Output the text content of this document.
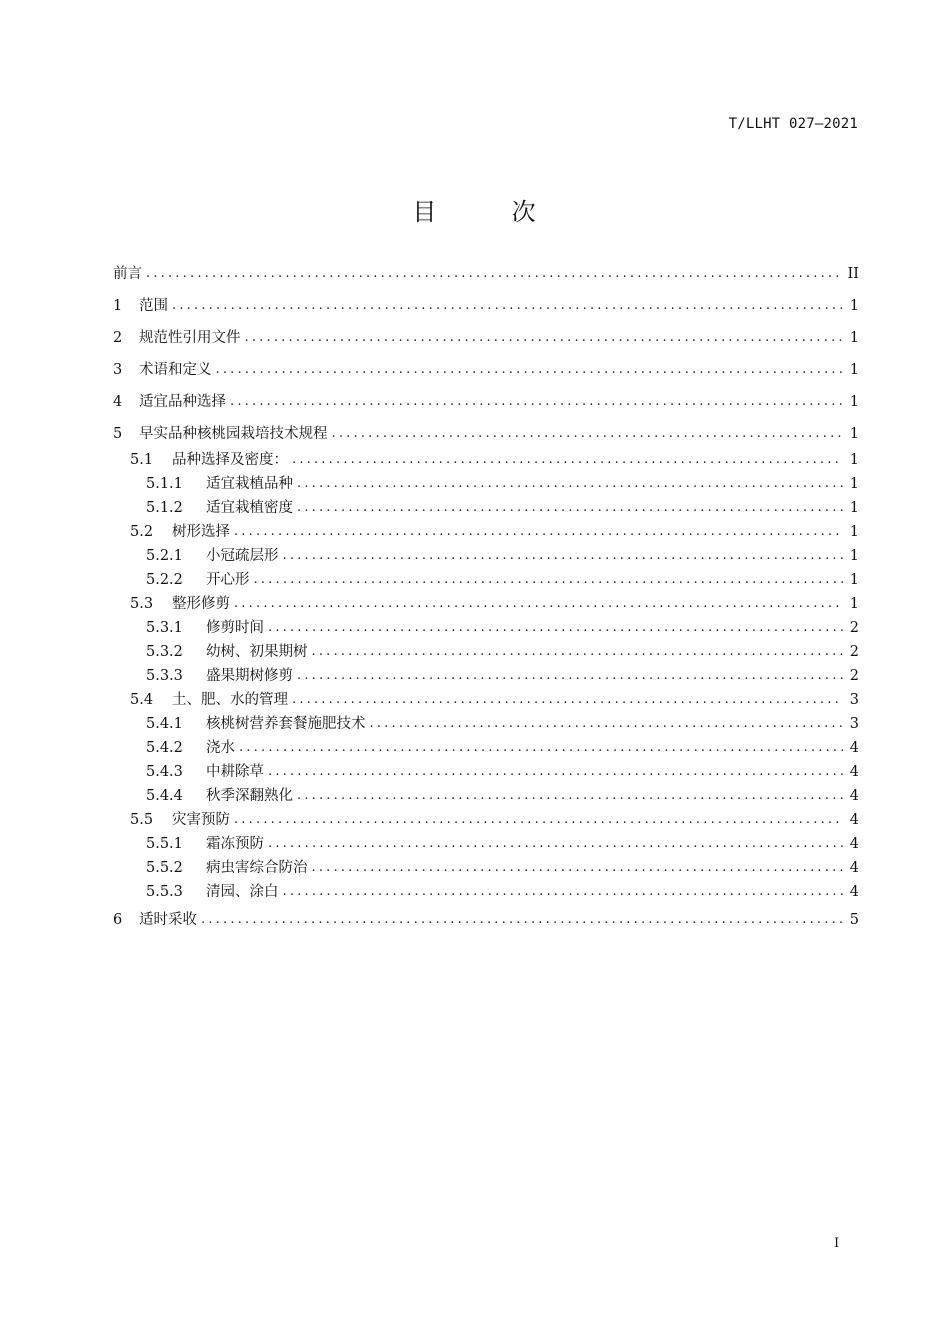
T/LLHT 027—2021
目	次
前言 .....	II
1	范围 .....	1
2	规范性引用文件 .....	1
3	术语和定义 .....	1
4	适宜品种选择 .....	1
5	早实品种核桃园栽培技术规程 .....	1
5.1	品种选择及密度： .....	1
5.1.1	适宜栽植品种 .....	1
5.1.2	适宜栽植密度 .....	1
5.2	树形选择 .....	1
5.2.1	小冠疏层形 .....	1
5.2.2	开心形 .....	1
5.3	整形修剪 .....	1
5.3.1	修剪时间 .....	2
5.3.2	幼树、初果期树 .....	2
5.3.3	盛果期树修剪 .....	2
5.4	土、肥、水的管理 .....	3
5.4.1	核桃树营养套餐施肥技术 .....	3
5.4.2	浇水 .....	4
5.4.3	中耕除草 .....	4
5.4.4	秋季深翻熟化 .....	4
5.5	灾害预防 .....	4
5.5.1	霜冻预防 .....	4
5.5.2	病虫害综合防治 .....	4
5.5.3	清园、涂白 .....	4
6	适时采收 .....	5
I
